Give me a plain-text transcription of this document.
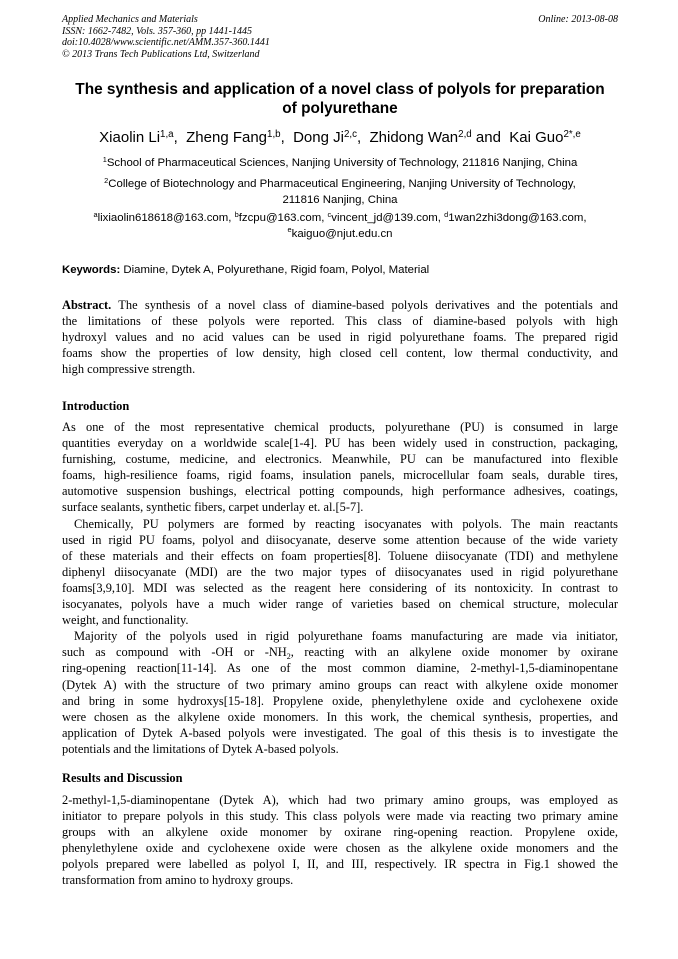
Applied Mechanics and Materials
ISSN: 1662-7482, Vols. 357-360, pp 1441-1445
doi:10.4028/www.scientific.net/AMM.357-360.1441
© 2013 Trans Tech Publications Ltd, Switzerland
Online: 2013-08-08
The synthesis and application of a novel class of polyols for preparation
of polyurethane
Xiaolin Li$^{1,a}$,  Zheng Fang$^{1,b}$,  Dong Ji$^{2,c}$,  Zhidong Wan$^{2,d}$ and  Kai Guo$^{2*,e}$
$^1$School of Pharmaceutical Sciences, Nanjing University of Technology, 211816 Nanjing, China
$^2$College of Biotechnology and Pharmaceutical Engineering, Nanjing University of Technology,
211816 Nanjing, China
$^a$lixiaolin618618@163.com, $^b$fzcpu@163.com, $^c$vincent_jd@139.com, $^d$1wan2zhi3dong@163.com,
$^e$kaiguo@njut.edu.cn
Keywords: Diamine, Dytek A, Polyurethane, Rigid foam, Polyol, Material
Abstract. The synthesis of a novel class of diamine-based polyols derivatives and the potentials and
the limitations of these polyols were reported. This class of diamine-based polyols with high
hydroxyl values and no acid values can be used in rigid polyurethane foams. The prepared rigid
foams show the properties of low density, high closed cell content, low thermal conductivity, and
high compressive strength.
Introduction
As one of the most representative chemical products, polyurethane (PU) is consumed in large
quantities everyday on a worldwide scale[1-4]. PU has been widely used in construction, packaging,
furnishing, costume, medicine, and electronics. Meanwhile, PU can be manufactured into flexible
foams, high-resilience foams, rigid foams, insulation panels, microcellular foam seals, durable tires,
automotive suspension bushings, electrical potting compounds, high performance adhesives, coatings,
surface sealants, synthetic fibers, carpet underlay et. al.[5-7].
Chemically, PU polymers are formed by reacting isocyanates with polyols. The main reactants
used in rigid PU foams, polyol and diisocyanate, deserve some attention because of the wide variety
of these materials and their effects on foam properties[8]. Toluene diisocyanate (TDI) and methylene
diphenyl diisocyanate (MDI) are the two major types of diisocyanates used in rigid polyurethane
foams[3,9,10]. MDI was selected as the reagent here considering of its nontoxicity. In contrast to
isocyanates, polyols have a much wider range of varieties based on chemical structure, molecular
weight, and functionality.
Majority of the polyols used in rigid polyurethane foams manufacturing are made via initiator,
such as compound with -OH or $-NH_2$, reacting with an alkylene oxide monomer by oxirane
ring-opening reaction[11-14]. As one of the most common diamine, 2-methyl-1,5-diaminopentane
(Dytek A) with the structure of two primary amino groups can react with alkylene oxide monomer
and bring in some hydroxys[15-18]. Propylene oxide, phenylethylene oxide and cyclohexene oxide
were chosen as the alkylene oxide monomers. In this work, the chemical synthesis, properties, and
application of Dytek A-based polyols were investigated. The goal of this thesis is to investigate the
potentials and the limitations of Dytek A-based polyols.
Results and Discussion
2-methyl-1,5-diaminopentane (Dytek A), which had two primary amino groups, was employed as
initiator to prepare polyols in this study. This class polyols were made via reacting two primary amine
groups with an alkylene oxide monomer by oxirane ring-opening reaction. Propylene oxide,
phenylethylene oxide and cyclohexene oxide were chosen as the alkylene oxide monomers and the
polyols prepared were labelled as polyol I, II, and III, respectively. IR spectra in Fig.1 showed the
transformation from amino to hydroxy groups.
